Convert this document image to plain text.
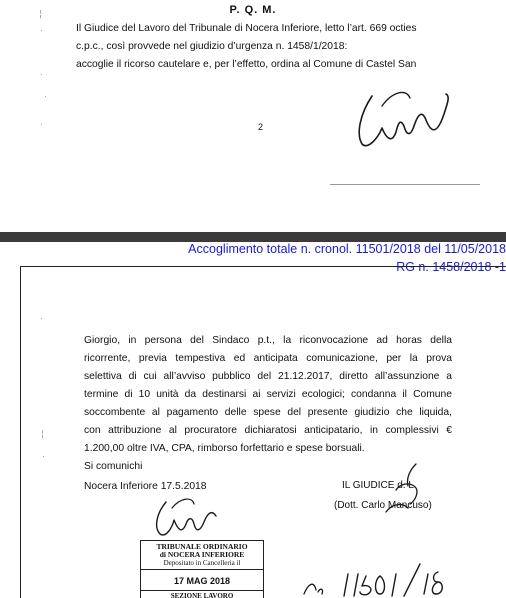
P. Q. M.
Il Giudice del Lavoro del Tribunale di Nocera Inferiore, letto l’art. 669 octies
c.p.c., così provvede nel giudizio d’urgenza n. 1458/1/2018:
accoglie il ricorso cautelare e, per l’effetto, ordina al Comune di Castel San
2
╎
·
·
·
·
Accoglimento totale n. cronol. 11501/2018 del 11/05/2018
RG n. 1458/2018 -1
·
╎
·
Giorgio, in persona del Sindaco p.t., la riconvocazione ad horas della
ricorrente, previa tempestiva ed anticipata comunicazione, per la prova
selettiva di cui all’avviso pubblico del 21.12.2017, diretto all’assunzione a
termine di 10 unità da destinarsi ai servizi ecologici; condanna il Comune
soccombente al pagamento delle spese del presente giudizio che liquida,
con attribuzione al procuratore dichiaratosi anticipatario, in complessivi €
1.200,00 oltre IVA, CPA, rimborso forfettario e spese borsuali.
Si comunichi
Nocera Inferiore 17.5.2018	IL GIUDICE d. L.
(Dott. Carlo Mancuso)
TRIBUNALE ORDINARIO
di NOCERA INFERIORE
Depositato in Cancelleria il
17 MAG 2018
SEZIONE LAVORO
